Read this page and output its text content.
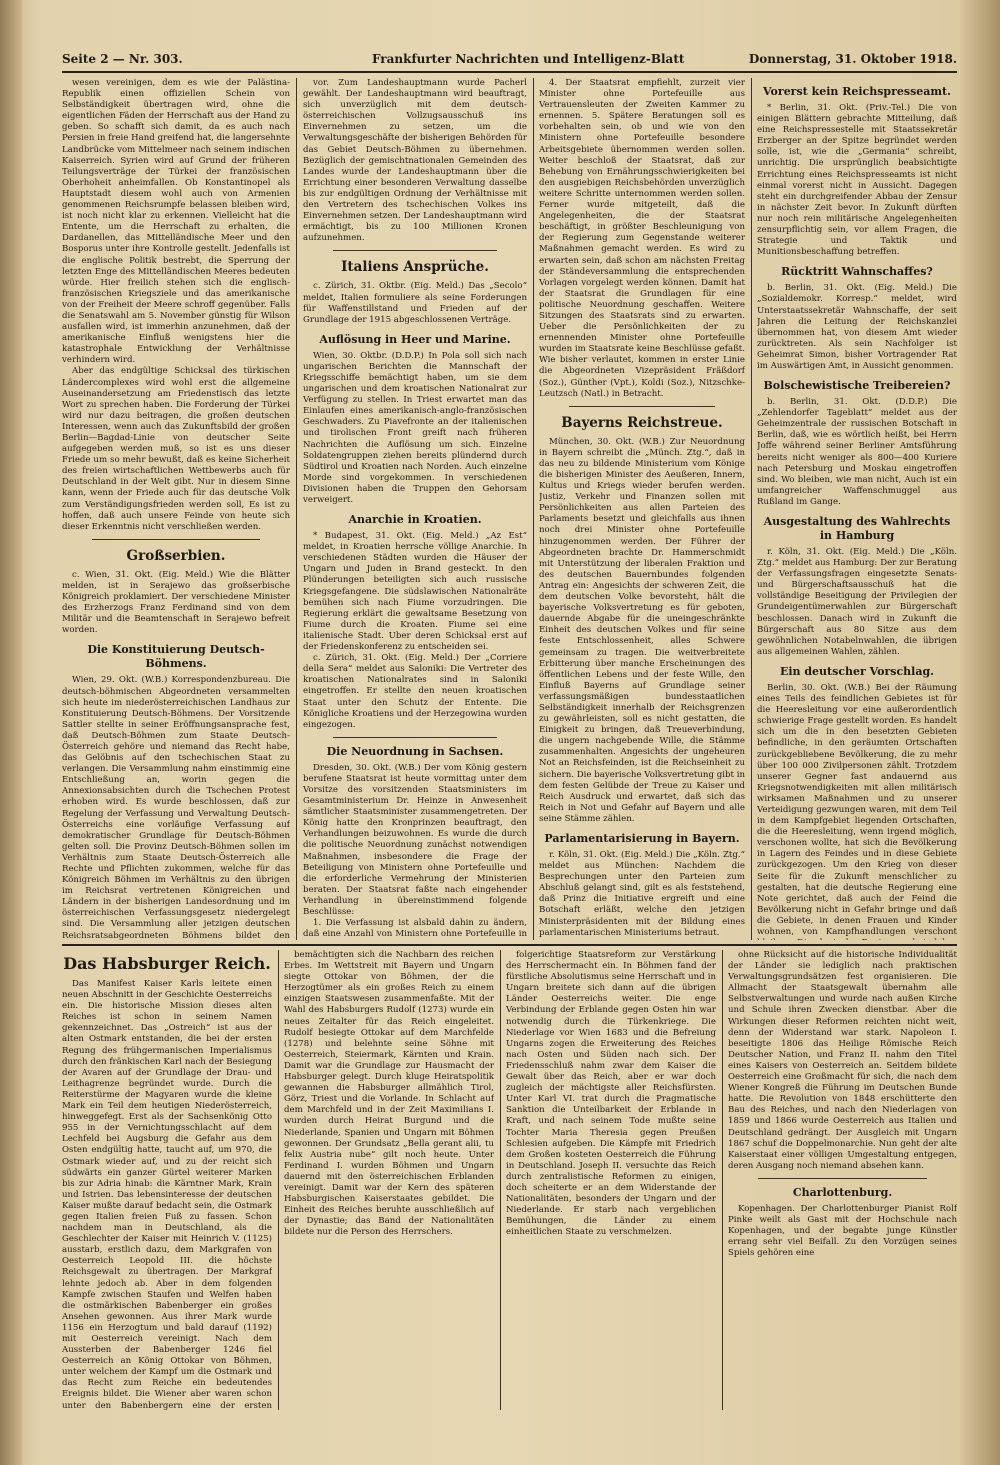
Seite 2 — Nr. 303.	Frankfurter Nachrichten und Intelligenz-Blatt	Donnerstag, 31. Oktober 1918.

wesen vereinigen, dem es wie der Palästina-Republik einen offiziellen Schein von Selbständigkeit übertragen wird, ohne die eigentlichen Fäden der Herrschaft aus der Hand zu geben. So schafft sich damit, da es auch nach Persien in freie Hand greifend hat, die langersehnte Landbrücke vom Mittelmeer nach seinem indischen Kaiserreich. Syrien wird auf Grund der früheren Teilungsverträge der Türkei der französischen Oberhoheit anheimfallen. Ob Konstantinopel als Hauptstadt diesem wohl auch von Armenien genommenen Reichsrumpfe belassen bleiben wird, ist noch nicht klar zu erkennen. Vielleicht hat die Entente, um die Herrschaft zu erhalten, die Dardanellen, das Mittelländische Meer und den Bosporus unter ihre Kontrolle gestellt. Jedenfalls ist die englische Politik bestrebt, die Sperrung der letzten Enge des Mittelländischen Meeres bedeuten würde. Hier freilich stehen sich die englisch-französischen Kriegsziele und das amerikanische von der Freiheit der Meere schroff gegenüber. Falls die Senatswahl am 5. November günstig für Wilson ausfallen wird, ist immerhin anzunehmen, daß der amerikanische Einfluß wenigstens hier die katastrophale Entwicklung der Verhältnisse verhindern wird.

Aber das endgültige Schicksal des türkischen Ländercomplexes wird wohl erst die allgemeine Auseinandersetzung am Friedenstisch das letzte Wort zu sprechen haben. Die Forderung der Türkei wird nur dazu beitragen, die großen deutschen Interessen, wenn auch das Zukunftsbild der großen Berlin—Bagdad-Linie von deutscher Seite aufgegeben werden muß, so ist es uns dieser Friede um so mehr bewußt, daß es keine Sicherheit des freien wirtschaftlichen Wettbewerbs auch für Deutschland in der Welt gibt. Nur in diesem Sinne kann, wenn der Friede auch für das deutsche Volk zum Verständigungsfrieden werden soll, Es ist zu hoffen, daß auch unsere Feinde von heute sich dieser Erkenntnis nicht verschließen werden.

Großserbien.

c. Wien, 31. Okt. (Eig. Meld.) Wie die Blätter melden, ist in Serajewo das großserbische Königreich proklamiert. Der verschiedene Minister des Erzherzogs Franz Ferdinand sind von dem Militär und die Beamtenschaft in Serajewo befreit worden.

Die Konstituierung Deutsch-Böhmens.

Wien, 29. Okt. (W.B.) Korrespondenzbureau. Die deutsch-böhmischen Abgeordneten versammelten sich heute im niederösterreichischen Landhaus zur Konstituierung Deutsch-Böhmens. Der Vorsitzende Sattler stellte in seiner Eröffnungsansprache fest, daß Deutsch-Böhmen zum Staate Deutsch-Österreich gehöre und niemand das Recht habe, das Gelöbnis auf den tschechischen Staat zu verlangen. Die Versammlung nahm einstimmig eine Entschließung an, worin gegen die Annexionsabsichten durch die Tschechen Protest erhoben wird. Es wurde beschlossen, daß zur Regelung der Verfassung und Verwaltung Deutsch-Österreichs eine vorläufige Verfassung auf demokratischer Grundlage für Deutsch-Böhmen gelten soll. Die Provinz Deutsch-Böhmen sollen im Verhältnis zum Staate Deutsch-Österreich alle Rechte und Pflichten zukommen, welche für das Königreich Böhmen im Verhältnis zu den übrigen im Reichsrat vertretenen Königreichen und Ländern in der bisherigen Landesordnung und im österreichischen Verfassungsgesetz niedergelegt sind. Die Versammlung aller jetzigen deutschen Reichsratsabgeordneten Böhmens bildet den

vor. Zum Landeshauptmann wurde Pacherl gewählt. Der Landeshauptmann wird beauftragt, sich unverzüglich mit dem deutsch-österreichischen Vollzugsausschuß ins Einvernehmen zu setzen, um die Verwaltungsgeschäfte der bisherigen Behörden für das Gebiet Deutsch-Böhmen zu übernehmen. Bezüglich der gemischtnationalen Gemeinden des Landes wurde der Landeshauptmann über die Errichtung einer besonderen Verwaltung dasselbe bis zur endgültigen Ordnung der Verhältnisse mit den Vertretern des tschechischen Volkes ins Einvernehmen setzen. Der Landeshauptmann wird ermächtigt, bis zu 100 Millionen Kronen aufzunehmen.

Italiens Ansprüche.

c. Zürich, 31. Oktbr. (Eig. Meld.) Das „Secolo“ meldet, Italien formuliere als seine Forderungen für Waffenstillstand und Frieden auf der Grundlage der 1915 abgeschlossenen Verträge.

Auflösung in Heer und Marine.

Wien, 30. Oktbr. (D.D.P.) In Pola soll sich nach ungarischen Berichten die Mannschaft der Kriegsschiffe bemächtigt haben, um sie dem ungarischen und dem kroatischen Nationalrat zur Verfügung zu stellen. In Triest erwartet man das Einlaufen eines amerikanisch-anglo-französischen Geschwaders. Zu Piavefronte an der italienischen und tirolischen Front greift nach früheren Nachrichten die Auflösung um sich. Einzelne Soldatengruppen ziehen bereits plündernd durch Südtirol und Kroatien nach Norden. Auch einzelne Morde sind vorgekommen. In verschiedenen Divisionen haben die Truppen den Gehorsam verweigert.

Anarchie in Kroatien.

* Budapest, 31. Okt. (Eig. Meld.) „Az Est“ meldet, in Kroatien herrsche völlige Anarchie. In verschiedenen Städten wurden die Häuser der Ungarn und Juden in Brand gesteckt. In den Plünderungen beteiligten sich auch russische Kriegsgefangene. Die südslawischen Nationalräte bemühen sich nach Fiume vorzudringen. Die Regierung erklärt die gewaltsame Besetzung von Fiume durch die Kroaten. Fiume sei eine italienische Stadt. Uber deren Schicksal erst auf der Friedenskonferenz zu entscheiden sei.

c. Zürich, 31. Okt. (Eig. Meld.) Der „Corriere della Sera“ meldet aus Saloniki: Die Vertreter des kroatischen Nationalrates sind in Saloniki eingetroffen. Er stellte den neuen kroatischen Staat unter den Schutz der Entente. Die Königliche Kroatiens und der Herzegowina wurden eingezogen.

Die Neuordnung in Sachsen.

Dresden, 30. Okt. (W.B.) Der vom König gestern berufene Staatsrat ist heute vormittag unter dem Vorsitze des vorsitzenden Staatsministers im Gesamtministerium Dr. Heinze in Anwesenheit sämtlicher Staatsminister zusammengetreten. Der König hatte den Kronprinzen beauftragt, den Verhandlungen beizuwohnen. Es wurde die durch die politische Neuordnung zunächst notwendigen Maßnahmen, insbesondere die Frage der Beteiligung von Ministern ohne Portefeuille und die erforderliche Vermehrung der Ministerien beraten. Der Staatsrat faßte nach eingehender Verhandlung in übereinstimmend folgende Beschlüsse:

1. Die Verfassung ist alsbald dahin zu ändern, daß eine Anzahl von Ministern ohne Portefeuille in

4. Der Staatsrat empfiehlt, zurzeit vier Minister ohne Portefeuille aus Vertrauensleuten der Zweiten Kammer zu ernennen. 5. Spätere Beratungen soll es vorbehalten sein, ob und wie von den Ministern ohne Portefeuille besondere Arbeitsgebiete übernommen werden sollen. Weiter beschloß der Staatsrat, daß zur Behebung von Ernährungsschwierigkeiten bei den ausgiebigen Reichsbehörden unverzüglich weitere Schritte unternommen werden sollen. Ferner wurde mitgeteilt, daß die Angelegenheiten, die der Staatsrat beschäftigt, in größter Beschleunigung von der Regierung zum Gegenstande weiterer Maßnahmen gemacht werden. Es wird zu erwarten sein, daß schon am nächsten Freitag der Ständeversammlung die entsprechenden Vorlagen vorgelegt werden können. Damit hat der Staatsrat die Grundlagen für eine politische Neuordnung geschaffen. Weitere Sitzungen des Staatsrats sind zu erwarten. Ueber die Persönlichkeiten der zu ernennenden Minister ohne Portefeuille wurden im Staatsrate keine Beschlüsse gefaßt. Wie bisher verlautet, kommen in erster Linie die Abgeordneten Vizepräsident Fräßdorf (Soz.), Günther (Vpt.), Koldi (Soz.), Nitzschke-Leutzsch (Natl.) in Betracht.

Bayerns Reichstreue.

München, 30. Okt. (W.B.) Zur Neuordnung in Bayern schreibt die „Münch. Ztg.“, daß in das neu zu bildende Ministerium vom Könige die bisherigen Minister des Aeußeren, Innern, Kultus und Kriegs wieder berufen werden. Justiz, Verkehr und Finanzen sollen mit Persönlichkeiten aus allen Parteien des Parlaments besetzt und gleichfalls aus ihnen noch drei Minister ohne Portefeuille hinzugenommen werden. Der Führer der Abgeordneten brachte Dr. Hammerschmidt mit Unterstützung der liberalen Fraktion und des deutschen Bauernbundes folgenden Antrag ein: Angesichts der schweren Zeit, die dem deutschen Volke bevorsteht, hält die bayerische Volksvertretung es für geboten, dauernde Abgabe für die uneingeschränkte Einheit des deutschen Volkes und für seine feste Entschlossenheit, alles Schwere gemeinsam zu tragen. Die weitverbreitete Erbitterung über manche Erscheinungen des öffentlichen Lebens und der feste Wille, den Einfluß Bayerns auf Grundlage seiner verfassungsmäßigen bundesstaatlichen Selbständigkeit innerhalb der Reichsgrenzen zu gewährleisten, soll es nicht gestatten, die Einigkeit zu bringen, daß Treueverbindung, die ungern nachgebende Wille, die Stämme zusammenhalten. Angesichts der ungeheuren Not an Reichsfeinden, ist die Reichseinheit zu sichern. Die bayerische Volksvertretung gibt in dem festen Gelübde der Treue zu Kaiser und Reich Ausdruck und erwartet, daß sich das Reich in Not und Gefahr auf Bayern und alle seine Stämme zählen.

Parlamentarisierung in Bayern.

r. Köln, 31. Okt. (Eig. Meld.) Die „Köln. Ztg.“ meldet aus München: Nachdem die Besprechungen unter den Parteien zum Abschluß gelangt sind, gilt es als feststehend, daß Prinz die Initiative ergreift und eine Botschaft erläßt, welche den jetzigen Ministerpräsidenten mit der Bildung eines parlamentarischen Ministeriums betraut.

Vorerst kein Reichspresseamt.

* Berlin, 31. Okt. (Priv.-Tel.) Die von einigen Blättern gebrachte Mitteilung, daß eine Reichspressestelle mit Staatssekretär Erzberger an der Spitze begründet werden solle, ist, wie die „Germania“ schreibt, unrichtig. Die ursprünglich beabsichtigte Errichtung eines Reichspresseamts ist nicht einmal vorerst nicht in Aussicht. Dagegen steht ein durchgreifender Abbau der Zensur in nächster Zeit bevor. In Zukunft dürften nur noch rein militärische Angelegenheiten zensurpflichtig sein, vor allem Fragen, die Strategie und Taktik und Munitionsbeschaffung betreffen.

Rücktritt Wahnschaffes?

b. Berlin, 31. Okt. (Eig. Meld.) Die „Sozialdemokr. Korresp.“ meldet, wird Unterstaatssekretär Wahnschaffe, der seit Jahren die Leitung der Reichskanzlei übernommen hat, von diesem Amt wieder zurücktreten. Als sein Nachfolger ist Geheimrat Simon, bisher Vortragender Rat im Auswärtigen Amt, in Aussicht genommen.

Bolschewistische Treibereien?

b. Berlin, 31. Okt. (D.D.P.) Die „Zehlendorfer Tageblatt“ meldet aus der Geheimzentrale der russischen Botschaft in Berlin, daß, wie es wörtlich heißt, bei Herrn Joffe während seiner Berliner Amtsführung bereits nicht weniger als 800—400 Kuriere nach Petersburg und Moskau eingetroffen sind. Wo bleiben, wie man nicht, Auch ist ein umfangreicher Waffenschmuggel aus Rußland im Gange.

Ausgestaltung des Wahlrechts in Hamburg

r. Köln, 31. Okt. (Eig. Meld.) Die „Köln. Ztg.“ meldet aus Hamburg: Der zur Beratung der Verfassungsfragen eingesetzte Senats- und Bürgerschaftsausschuß hat die vollständige Beseitigung der Privilegien der Grundeigentümerwahlen zur Bürgerschaft beschlossen. Danach wird in Zukunft die Bürgerschaft aus 80 Sitze aus dem gewöhnlichen Notabelnwahlen, die übrigen aus allgemeinen Wahlen, zählen.

Ein deutscher Vorschlag.

Berlin, 30. Okt. (W.B.) Bei der Räumung eines Teils des feindlichen Gebietes ist für die Heeresleitung vor eine außerordentlich schwierige Frage gestellt worden. Es handelt sich um die in den besetzten Gebieten befindliche, in den geräumten Ortschaften zurückgebliebene Bevölkerung, die zu mehr über 100 000 Zivilpersonen zählt. Trotzdem unserer Gegner fast andauernd aus Kriegsnotwendigkeiten mit allen militärisch wirksamen Maßnahmen und zu unserer Verteidigung gezwungen waren, mit dem Teil in dem Kampfgebiet liegenden Ortschaften, die die Heeresleitung, wenn irgend möglich, verschonen wollte, hat sich die Bevölkerung in Lagern des Feindes und in diese Gebiete zurückgezogen. Um den Krieg von dieser Seite für die Zukunft menschlicher zu gestalten, hat die deutsche Regierung eine Note gerichtet, daß auch der Feind die Bevölkerung nicht in Gefahr bringe und daß die Gebiete, in denen Frauen und Kinder wohnen, von Kampfhandlungen verschont

Das Habsburger Reich.

Das Manifest Kaiser Karls leitete einen neuen Abschnitt in der Geschichte Oesterreichs ein. Die historische Mission dieses alten Reiches ist schon in seinem Namen gekennzeichnet. Das „Ostreich“ ist aus der alten Ostmark entstanden, die bei der ersten Regung des frühgermanischen Imperialismus durch den fränkischen Karl nach der Besiegung der Avaren auf der Grundlage der Drau- und Leithagrenze begründet wurde. Durch die Reiterstürme der Magyaren wurde die kleine Mark ein Teil dem heutigen Niederösterreich, hinweggefegt. Erst als der Sachsenkönig Otto 955 in der Vernichtungsschlacht auf dem Lechfeld bei Augsburg die Gefahr aus dem Osten endgültig hatte, taucht auf, um 970, die Ostmark wieder auf, und zu der reicht sich südwärts ein ganzer Gürtel weiterer Marken bis zur Adria hinab: die Kärntner Mark, Krain und Istrien. Das lebensinteresse der deutschen Kaiser mußte darauf bedacht sein, die Ostmark gegen Italien freien Fuß zu fassen. Schon nachdem man in Deutschland, als die Geschlechter der Kaiser mit Heinrich V. (1125) ausstarb, erstlich dazu, dem Markgrafen von Oesterreich Leopold III. die höchste Reichsgewalt zu übertragen. Der Markgraf lehnte jedoch ab. Aber in dem folgenden Kampfe zwischen Staufen und Welfen haben die ostmärkischen Babenberger ein großes Ansehen gewonnen. Aus ihrer Mark wurde 1156 ein Herzogtum und bald darauf (1192) mit Oesterreich vereinigt. Nach dem Aussterben der Babenberger 1246 fiel Oesterreich an König Ottokar von Böhmen, unter welchem der Kampf um die Ostmark und das Recht zum Reiche ein bedeutendes Ereignis bildet. Die Wiener aber waren schon unter den Babenbergern eine der ersten

bemächtigten sich die Nachbarn des reichen Erbes. Im Wettstreit mit Bayern und Ungarn siegte Ottokar von Böhmen, der die Herzogtümer als ein großes Reich zu einem einzigen Staatswesen zusammenfaßte. Mit der Wahl des Habsburgers Rudolf (1273) wurde ein neues Zeitalter für das Reich eingeleitet. Rudolf besiegte Ottokar auf dem Marchfelde (1278) und belehnte seine Söhne mit Oesterreich, Steiermark, Kärnten und Krain. Damit war die Grundlage zur Hausmacht der Habsburger gelegt. Durch kluge Heiratspolitik gewannen die Habsburger allmählich Tirol, Görz, Triest und die Vorlande. In Schlacht auf dem Marchfeld und in der Zeit Maximilians I. wurden durch Heirat Burgund und die Niederlande, Spanien und Ungarn mit Böhmen gewonnen. Der Grundsatz „Bella gerant alii, tu felix Austria nube“ gilt noch heute. Unter Ferdinand I. wurden Böhmen und Ungarn dauernd mit den österreichischen Erblanden vereinigt. Damit war der Kern des späteren Habsburgischen Kaiserstaates gebildet. Die Einheit des Reiches beruhte ausschließlich auf der Dynastie; das Band der Nationalitäten bildete nur die Person des Herrschers.

folgerichtige Staatsreform zur Verstärkung des Herrschermacht ein. In Böhmen fand der fürstliche Absolutismus seine Herrschaft und in Ungarn breitete sich dann auf die übrigen Länder Oesterreichs weiter. Die enge Verbindung der Erblande gegen Osten hin war notwendig durch die Türkenkriege. Die Niederlage vor Wien 1683 und die Befreiung Ungarns zogen die Erweiterung des Reiches nach Osten und Süden nach sich. Der Friedensschluß nahm zwar dem Kaiser die Gewalt über das Reich, aber er war doch zugleich der mächtigste aller Reichsfürsten. Unter Karl VI. trat durch die Pragmatische Sanktion die Unteilbarkeit der Erblande in Kraft, und nach seinem Tode mußte seine Tochter Maria Theresia gegen Preußen Schlesien aufgeben. Die Kämpfe mit Friedrich dem Großen kosteten Oesterreich die Führung in Deutschland. Joseph II. versuchte das Reich durch zentralistische Reformen zu einigen, doch scheiterte er an dem Widerstande der Nationalitäten, besonders der Ungarn und der Niederlande. Er starb nach vergeblichen Bemühungen, die Länder zu einem einheitlichen Staate zu verschmelzen.

ohne Rücksicht auf die historische Individualität der Länder sie lediglich nach praktischen Verwaltungsgrundsätzen fest organisieren. Die Allmacht der Staatsgewalt übernahm alle Selbstverwaltungen und wurde nach außen Kirche und Schule ihren Zwecken dienstbar. Aber die Wirkungen dieser Reformen reichten nicht weit, denn der Widerstand war stark. Napoleon I. beseitigte 1806 das Heilige Römische Reich Deutscher Nation, und Franz II. nahm den Titel eines Kaisers von Oesterreich an. Seitdem bildete Oesterreich eine Großmacht für sich, die nach dem Wiener Kongreß die Führung im Deutschen Bunde hatte. Die Revolution von 1848 erschütterte den Bau des Reiches, und nach den Niederlagen von 1859 und 1866 wurde Oesterreich aus Italien und Deutschland gedrängt. Der Ausgleich mit Ungarn 1867 schuf die Doppelmonarchie. Nun geht der alte Kaiserstaat einer völligen Umgestaltung entgegen, deren Ausgang noch niemand absehen kann.

Charlottenburg.

Kopenhagen. Der Charlottenburger Pianist Rolf Pinke weilt als Gast mit der Hochschule nach Kopenhagen, und der begabte junge Künstler errang sehr viel Beifall. Zu den Vorzügen seines Spiels gehören eine
